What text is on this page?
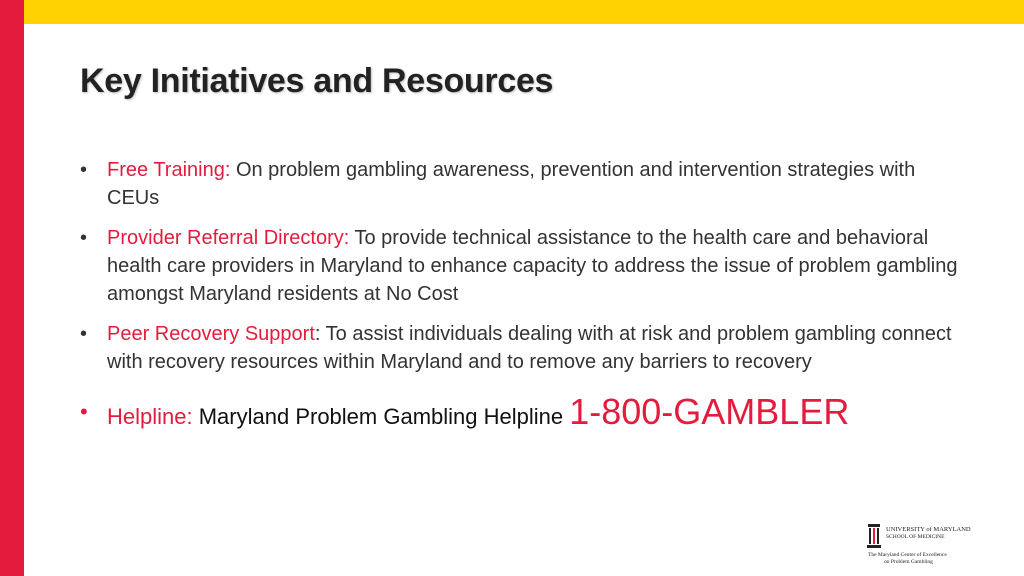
Key Initiatives and Resources
• Free Training: On problem gambling awareness, prevention and intervention strategies with CEUs
• Provider Referral Directory: To provide technical assistance to the health care and behavioral health care providers in Maryland to enhance capacity to address the issue of problem gambling amongst Maryland residents at No Cost
• Peer Recovery Support: To assist individuals dealing with at risk and problem gambling connect with recovery resources within Maryland and to remove any barriers to recovery
• Helpline: Maryland Problem Gambling Helpline 1-800-GAMBLER
UNIVERSITY of MARYLAND
SCHOOL OF MEDICINE
The Maryland Center of Excellence
on Problem Gambling
